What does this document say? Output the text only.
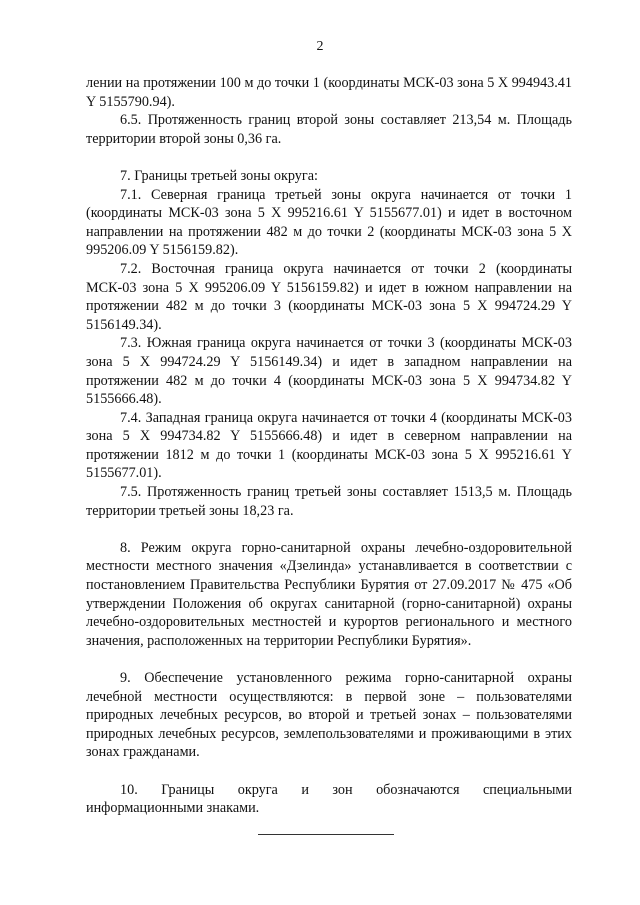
2

лении на протяжении 100 м до точки 1 (координаты МСК-03 зона 5 X 994943.41 Y 5155790.94).

6.5. Протяженность границ второй зоны составляет 213,54 м. Площадь территории второй зоны 0,36 га.

7. Границы третьей зоны округа:

7.1. Северная граница третьей зоны округа начинается от точки 1 (координаты МСК-03 зона 5 X 995216.61 Y 5155677.01) и идет в восточном направлении на протяжении 482 м до точки 2 (координаты МСК-03 зона 5 X 995206.09 Y 5156159.82).

7.2. Восточная граница округа начинается от точки 2 (координаты МСК-03 зона 5 X 995206.09 Y 5156159.82) и идет в южном направлении на протяжении 482 м до точки 3 (координаты МСК-03 зона 5 X 994724.29 Y 5156149.34).

7.3. Южная граница округа начинается от точки 3 (координаты МСК-03 зона 5 X 994724.29 Y 5156149.34) и идет в западном направлении на протяжении 482 м до точки 4 (координаты МСК-03 зона 5 X 994734.82 Y 5155666.48).

7.4. Западная граница округа начинается от точки 4 (координаты МСК-03 зона 5 X 994734.82 Y 5155666.48) и идет в северном направлении на протяжении 1812 м до точки 1 (координаты МСК-03 зона 5 X 995216.61 Y 5155677.01).

7.5. Протяженность границ третьей зоны составляет 1513,5 м. Площадь территории третьей зоны 18,23 га.

8. Режим округа горно-санитарной охраны лечебно-оздоровительной местности местного значения «Дзелинда» устанавливается в соответствии с постановлением Правительства Республики Бурятия от 27.09.2017 № 475 «Об утверждении Положения об округах санитарной (горно-санитарной) охраны лечебно-оздоровительных местностей и курортов регионального и местного значения, расположенных на территории Республики Бурятия».

9. Обеспечение установленного режима горно-санитарной охраны лечебной местности осуществляются: в первой зоне – пользователями природных лечебных ресурсов, во второй и третьей зонах – пользователями природных лечебных ресурсов, землепользователями и проживающими в этих зонах гражданами.

10. Границы округа и зон обозначаются специальными информационными знаками.
